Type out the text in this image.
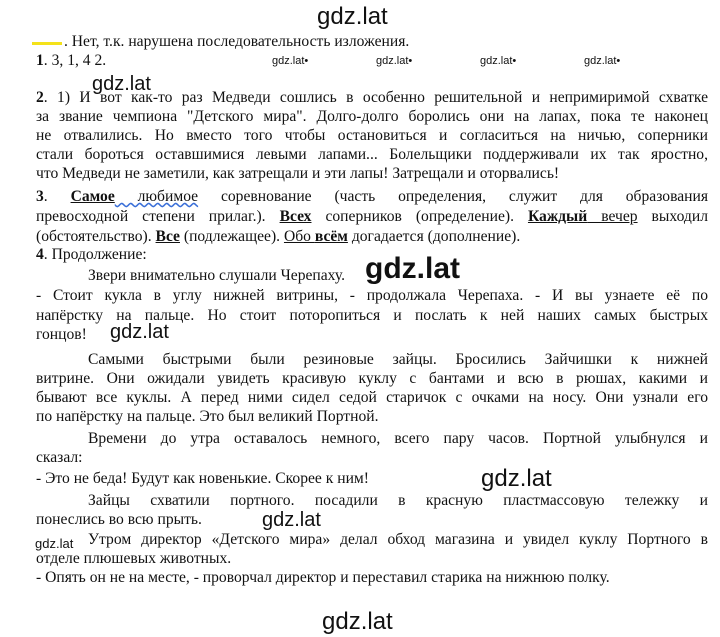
gdz.lat
gdz.lat
gdz.lat•	gdz.lat•	gdz.lat•	gdz.lat•
. Нет, т.к. нарушена последовательность изложения.
1. 3, 1, 4 2.
2. 1) И вот как-то раз Медведи сошлись в особенно решительной и непримиримой схватке
за звание чемпиона "Детского мира". Долго-долго боролись они на лапах, пока те наконец
не отвалились. Но вместо того чтобы остановиться и согласиться на ничью, соперники
стали бороться оставшимися левыми лапами... Болельщики поддерживали их так яростно,
что Медведи не заметили, как затрещали и эти лапы! Затрещали и оторвались!
3. Самое любимое соревнование (часть определения, служит для образования
превосходной степени прилаг.). Всех соперников (определение). Каждый вечер выходил
(обстоятельство). Все (подлежащее). Обо всём догадается (дополнение).
4. Продолжение:
Звери внимательно слушали Черепаху.
- Стоит кукла в углу нижней витрины, - продолжала Черепаха. - И вы узнаете её по
напёрстку на пальце. Но стоит поторопиться и послать к ней наших самых быстрых
гонцов!
Самыми быстрыми были резиновые зайцы. Бросились Зайчишки к нижней
витрине. Они ожидали увидеть красивую куклу с бантами и всю в рюшах, какими и
бывают все куклы. А перед ними сидел седой старичок с очками на носу. Они узнали его
по напёрстку на пальце. Это был великий Портной.
Времени до утра оставалось немного, всего пару часов. Портной улыбнулся и
сказал:
- Это не беда! Будут как новенькие. Скорее к ним!
Зайцы схватили портного. посадили в красную пластмассовую тележку и
понеслись во всю прыть.
Утром директор «Детского мира» делал обход магазина и увидел куклу Портного в
отделе плюшевых животных.
- Опять он не на месте, - проворчал директор и переставил старика на нижнюю полку.
gdz.lat
gdz.lat
gdz.lat
gdz.lat
gdz.lat
gdz.lat
